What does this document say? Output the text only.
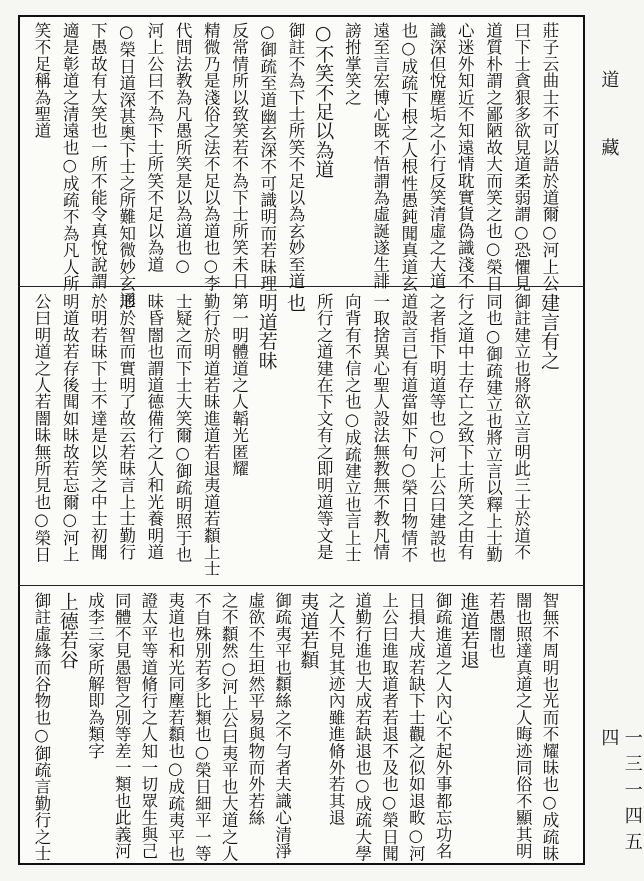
道　藏
一三一四五四
莊子云曲士不可以語於道爾○河上公
曰下士貪狠多欲見道柔弱謂○恐懼見
道質朴謂之鄙陋故大而笑之也○榮日
心迷外知近不知遠情耽實貨偽識淺不
識深但悅塵垢之小行反笑清虛之大道
也○成疏下根之人根性愚鈍聞真道玄
遠至言宏博心既不悟謂為虛誕遂生誹
謗拊掌笑之
○不笑不足以為道
御註不為下士所笑不足以為玄妙至道
○御疏至道幽玄深不可識明而若昧理
反常情所以致笑若不為下士所笑未日
精微乃是淺俗之法不足以為道也○李
代問法教為凡愚所笑是以為道也○
河上公曰不為下士所笑不足以為道
○榮日道深甚奧下士之所難知微妙玄通
下愚故有大笑也一所不能令真悅說謂
適是彰道之清遠也○成疏不為凡人所
笑不足稱為聖道
建言有之
御註建立也將欲立言明此三士於道不
同也○御疏建立也將立言以釋上士勤
行之道中士存亡之致下士所笑之由有
之者指下明道等也○河上公曰建設也
道設言已有道當如下句○榮日物情不
一取捨異心聖人設法無教無不教凡情
向背有不信之也○成疏建立也言上士
所行之道建在下文有之即明道等文是
也
明道若昧
第一明體道之人韜光匿耀
勤行於明道若昧進道若退夷道若纇上士
士疑之而下士大笑爾○御疏明照于也
昧昏闇也謂道德備行之人和光養明道
形於智而實明了故云若昧言上士勤行
於明若昧下士不達是以笑之中士初聞
明道故若存後聞如昧故若忘爾○河上
公曰明道之人若闇昧無所見也○榮日
智無不周明也光而不耀昧也○成疏昧
闇也照達真道之人晦迹同俗不顯其明
若愚闇也
進道若退
御疏進道之人內心不起外事都忘功名
日損大成若缺下士觀之似如退畋○河
上公曰進取道者若退不及也○榮日聞
道勤行進也大成若缺退也○成疏大學
之人不見其迹內雖進脩外若其退
夷道若纇
御疏夷平也纇絲之不勻者夫識心清淨
虛欲不生坦然平易與物而外若絲
之不纇然○河上公曰夷平也大道之人
不自殊別若多比類也○榮日細平一等
夷道也和光同塵若纇也○成疏夷平也
證太平等道脩行之人知一切眾生與己
同體不見愚智之別等差一類也此義河
成李三家所解即為類字
上德若谷
御註虛緣而谷物也○御疏言勤行之士
